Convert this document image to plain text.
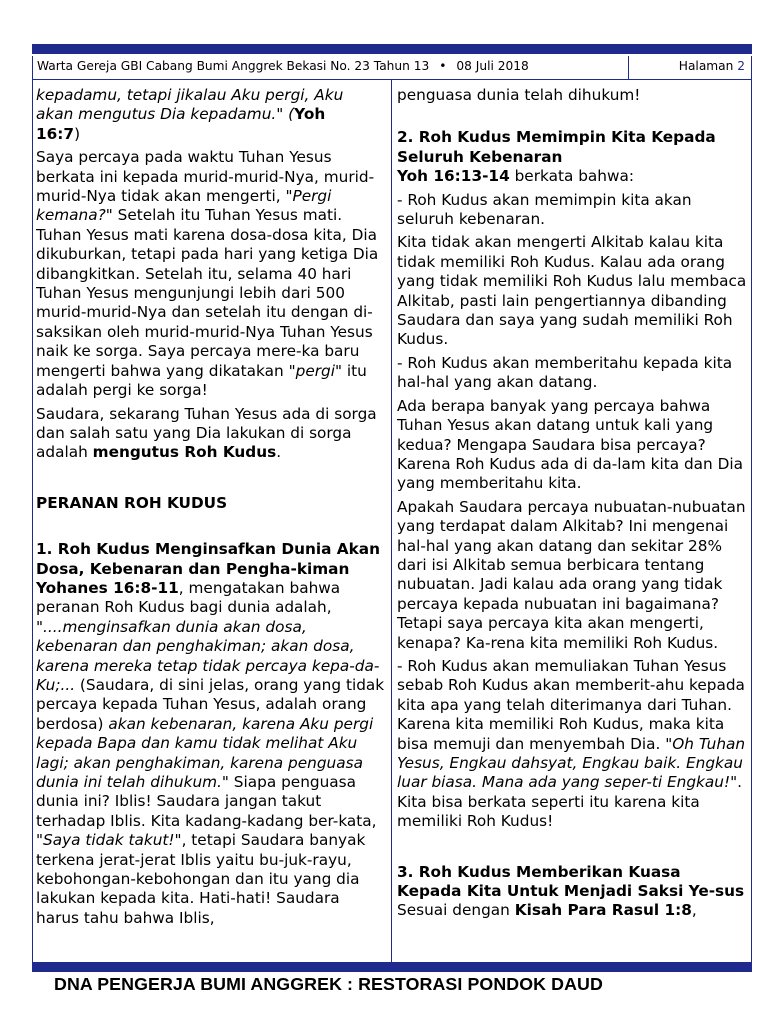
Warta Gereja GBI Cabang Bumi Anggrek Bekasi No. 23 Tahun 13 • 08 Juli 2018	Halaman 2

kepadamu, tetapi jikalau Aku pergi, Aku
akan mengutus Dia kepadamu." (Yoh
16:7)

Saya percaya pada waktu Tuhan Yesus berkata ini kepada murid-murid-Nya, murid-murid-Nya tidak akan mengerti, "Pergi kemana?" Setelah itu Tuhan Yesus mati. Tuhan Yesus mati karena dosa-dosa kita, Dia dikuburkan, tetapi pada hari yang ketiga Dia dibangkitkan. Setelah itu, selama 40 hari Tuhan Yesus mengunjungi lebih dari 500 murid-murid-Nya dan setelah itu dengan di-saksikan oleh murid-murid-Nya Tuhan Yesus naik ke sorga. Saya percaya mere-ka baru mengerti bahwa yang dikatakan "pergi" itu adalah pergi ke sorga!

Saudara, sekarang Tuhan Yesus ada di sorga dan salah satu yang Dia lakukan di sorga adalah mengutus Roh Kudus.

PERANAN ROH KUDUS

1. Roh Kudus Menginsafkan Dunia Akan Dosa, Kebenaran dan Pengha-kiman

Yohanes 16:8-11, mengatakan bahwa peranan Roh Kudus bagi dunia adalah, "....menginsafkan dunia akan dosa, kebenaran dan penghakiman; akan dosa, karena mereka tetap tidak percaya kepa-da-Ku;... (Saudara, di sini jelas, orang yang tidak percaya kepada Tuhan Yesus, adalah orang berdosa) akan kebenaran, karena Aku pergi kepada Bapa dan kamu tidak melihat Aku lagi; akan penghakiman, karena penguasa dunia ini telah dihukum." Siapa penguasa dunia ini? Iblis! Saudara jangan takut terhadap Iblis. Kita kadang-kadang ber-kata, "Saya tidak takut!", tetapi Saudara banyak terkena jerat-jerat Iblis yaitu bu-juk-rayu, kebohongan-kebohongan dan itu yang dia lakukan kepada kita. Hati-hati! Saudara harus tahu bahwa Iblis,

penguasa dunia telah dihukum!

2. Roh Kudus Memimpin Kita Kepada Seluruh Kebenaran

Yoh 16:13-14 berkata bahwa:

- Roh Kudus akan memimpin kita akan seluruh kebenaran.

Kita tidak akan mengerti Alkitab kalau kita tidak memiliki Roh Kudus. Kalau ada orang yang tidak memiliki Roh Kudus lalu membaca Alkitab, pasti lain pengertiannya dibanding Saudara dan saya yang sudah memiliki Roh Kudus.

- Roh Kudus akan memberitahu kepada kita hal-hal yang akan datang.

Ada berapa banyak yang percaya bahwa Tuhan Yesus akan datang untuk kali yang kedua? Mengapa Saudara bisa percaya? Karena Roh Kudus ada di da-lam kita dan Dia yang memberitahu kita.

Apakah Saudara percaya nubuatan-nubuatan yang terdapat dalam Alkitab? Ini mengenai hal-hal yang akan datang dan sekitar 28% dari isi Alkitab semua berbicara tentang nubuatan. Jadi kalau ada orang yang tidak percaya kepada nubuatan ini bagaimana? Tetapi saya percaya kita akan mengerti, kenapa? Ka-rena kita memiliki Roh Kudus.

- Roh Kudus akan memuliakan Tuhan Yesus sebab Roh Kudus akan memberit-ahu kepada kita apa yang telah diterimanya dari Tuhan. Karena kita memiliki Roh Kudus, maka kita bisa memuji dan menyembah Dia. "Oh Tuhan Yesus, Engkau dahsyat, Engkau baik. Engkau luar biasa. Mana ada yang seper-ti Engkau!". Kita bisa berkata seperti itu karena kita memiliki Roh Kudus!

3. Roh Kudus Memberikan Kuasa Kepada Kita Untuk Menjadi Saksi Ye-sus

Sesuai dengan Kisah Para Rasul 1:8,

DNA PENGERJA BUMI ANGGREK : RESTORASI PONDOK DAUD
